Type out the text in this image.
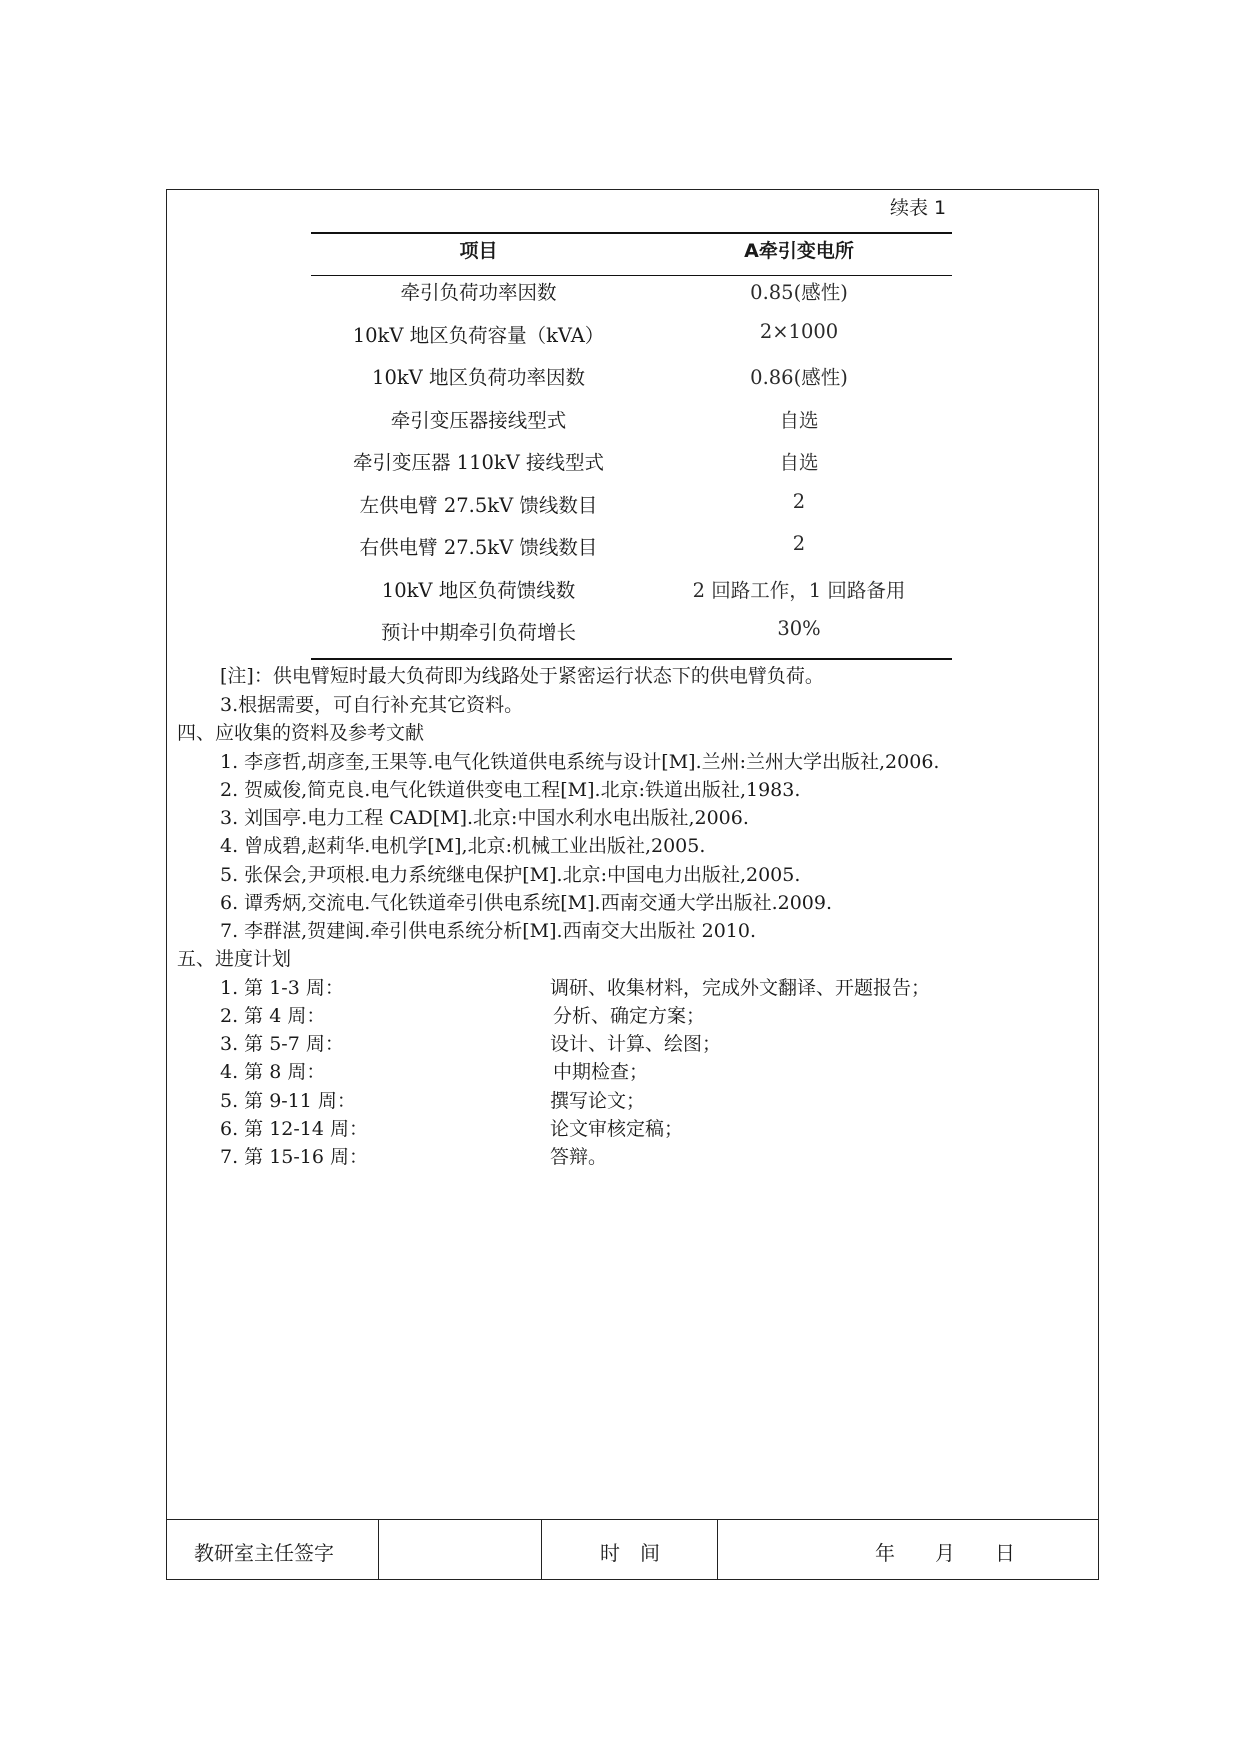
续表 1
项目	A牵引变电所
牵引负荷功率因数	0.85(感性)
10kV 地区负荷容量（kVA）	2×1000
10kV 地区负荷功率因数	0.86(感性)
牵引变压器接线型式	自选
牵引变压器 110kV 接线型式	自选
左供电臂 27.5kV 馈线数目	2
右供电臂 27.5kV 馈线数目	2
10kV 地区负荷馈线数	2 回路工作，1 回路备用
预计中期牵引负荷增长	30%
[注]：供电臂短时最大负荷即为线路处于紧密运行状态下的供电臂负荷。
3.根据需要，可自行补充其它资料。
四、应收集的资料及参考文献
1. 李彦哲,胡彦奎,王果等.电气化铁道供电系统与设计[M].兰州:兰州大学出版社,2006.
2. 贺威俊,简克良.电气化铁道供变电工程[M].北京:铁道出版社,1983.
3. 刘国亭.电力工程 CAD[M].北京:中国水利水电出版社,2006.
4. 曾成碧,赵莉华.电机学[M],北京:机械工业出版社,2005.
5. 张保会,尹项根.电力系统继电保护[M].北京:中国电力出版社,2005.
6. 谭秀炳,交流电.气化铁道牵引供电系统[M].西南交通大学出版社.2009.
7. 李群湛,贺建闽.牵引供电系统分析[M].西南交大出版社 2010.
五、进度计划
1. 第 1-3 周：	调研、收集材料，完成外文翻译、开题报告；
2. 第 4 周：	分析、确定方案；
3. 第 5-7 周：	设计、计算、绘图；
4. 第 8 周：	中期检查；
5. 第 9-11 周：	撰写论文；
6. 第 12-14 周：	论文审核定稿；
7. 第 15-16 周：	答辩。
教研室主任签字	时　间	年　　月　　日
